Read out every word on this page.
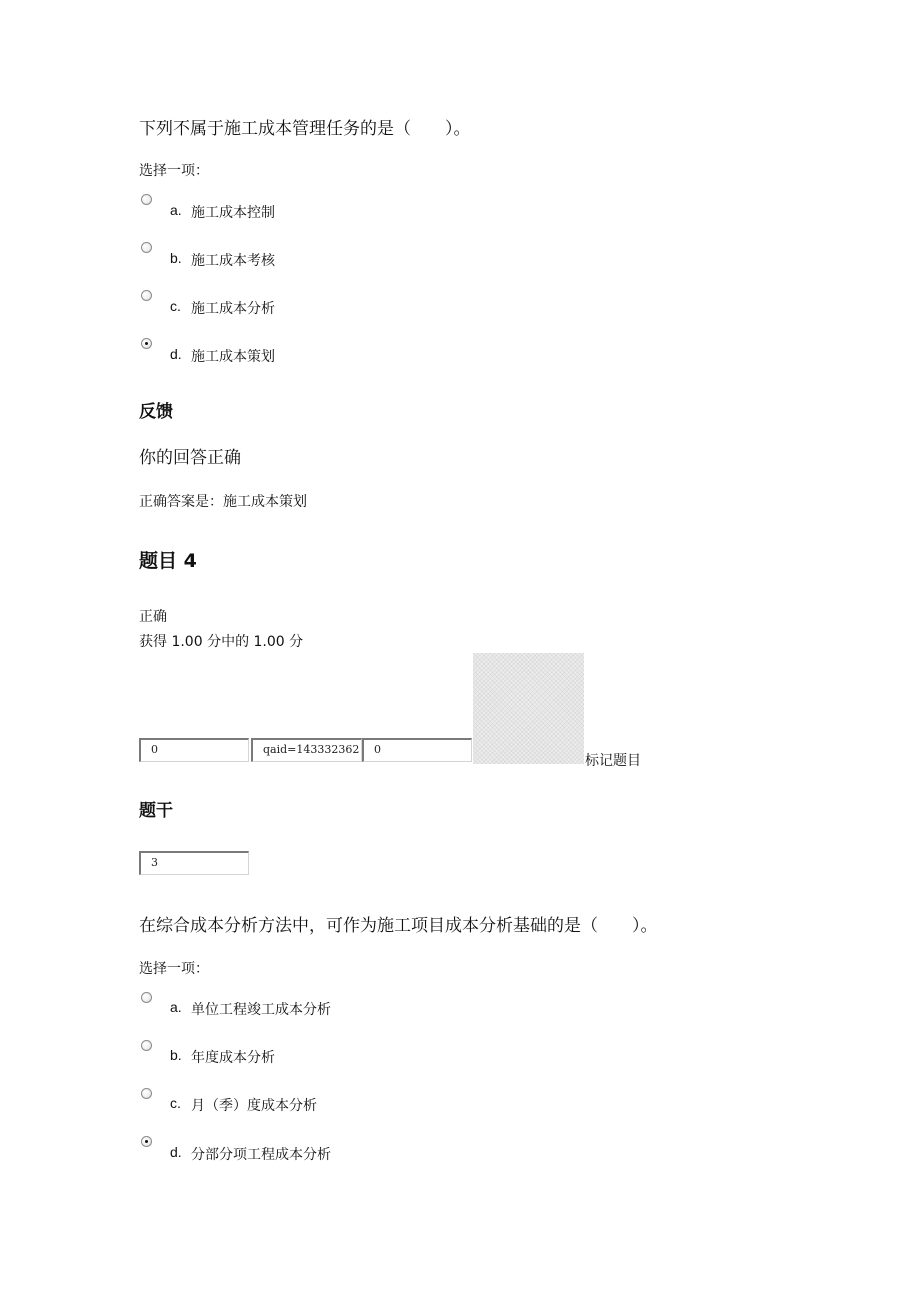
下列不属于施工成本管理任务的是（　　）。
选择一项：
a. 施工成本控制
b. 施工成本考核
c. 施工成本分析
d. 施工成本策划
反馈
你的回答正确
正确答案是：施工成本策划
题目 4
正确
获得 1.00 分中的 1.00 分
0	qaid=143332362	0
标记题目
题干
3
在综合成本分析方法中，可作为施工项目成本分析基础的是（　　）。
选择一项：
a. 单位工程竣工成本分析
b. 年度成本分析
c. 月（季）度成本分析
d. 分部分项工程成本分析
